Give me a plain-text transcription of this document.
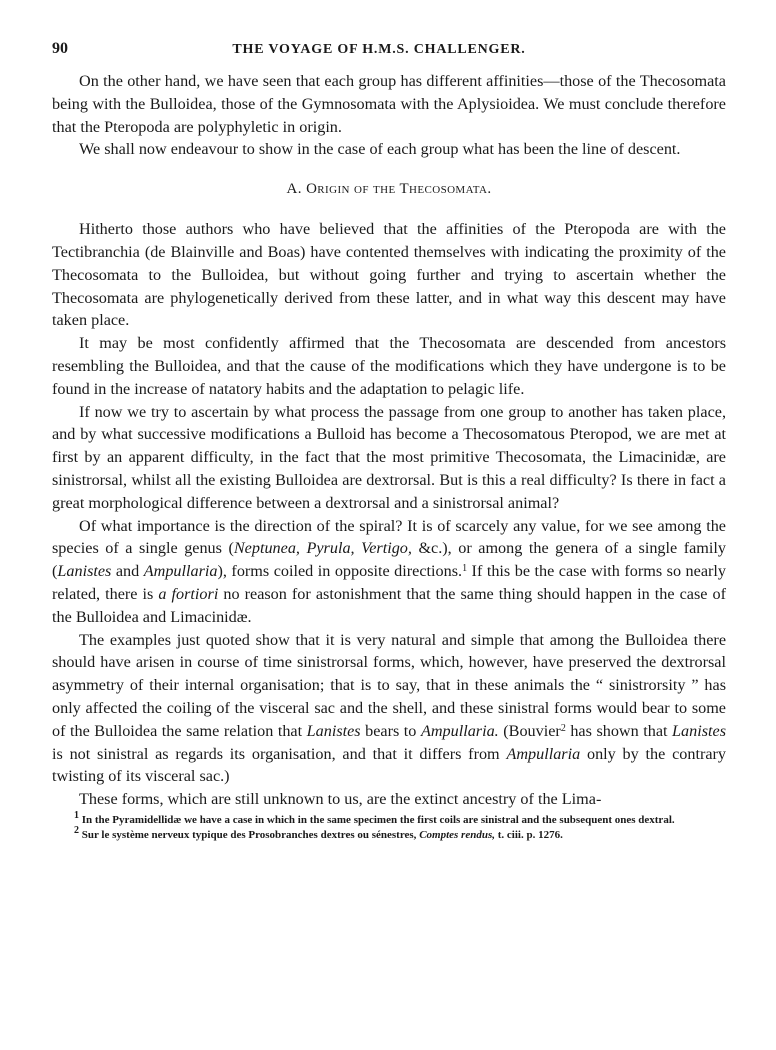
90	THE VOYAGE OF H.M.S. CHALLENGER.

On the other hand, we have seen that each group has different affinities—those of the Thecosomata being with the Bulloidea, those of the Gymnosomata with the Aplysioidea. We must conclude therefore that the Pteropoda are polyphyletic in origin.

We shall now endeavour to show in the case of each group what has been the line of descent.

A. Origin of the Thecosomata.

Hitherto those authors who have believed that the affinities of the Pteropoda are with the Tectibranchia (de Blainville and Boas) have contented themselves with indicating the proximity of the Thecosomata to the Bulloidea, but without going further and trying to ascertain whether the Thecosomata are phylogenetically derived from these latter, and in what way this descent may have taken place.

It may be most confidently affirmed that the Thecosomata are descended from ancestors resembling the Bulloidea, and that the cause of the modifications which they have undergone is to be found in the increase of natatory habits and the adaptation to pelagic life.

If now we try to ascertain by what process the passage from one group to another has taken place, and by what successive modifications a Bulloid has become a Thecosomatous Pteropod, we are met at first by an apparent difficulty, in the fact that the most primitive Thecosomata, the Limacinidæ, are sinistrorsal, whilst all the existing Bulloidea are dextrorsal. But is this a real difficulty? Is there in fact a great morphological difference between a dextrorsal and a sinistrorsal animal?

Of what importance is the direction of the spiral? It is of scarcely any value, for we see among the species of a single genus (Neptunea, Pyrula, Vertigo, &c.), or among the genera of a single family (Lanistes and Ampullaria), forms coiled in opposite directions.$^1$ If this be the case with forms so nearly related, there is a fortiori no reason for astonishment that the same thing should happen in the case of the Bulloidea and Limacinidæ.

The examples just quoted show that it is very natural and simple that among the Bulloidea there should have arisen in course of time sinistrorsal forms, which, however, have preserved the dextrorsal asymmetry of their internal organisation; that is to say, that in these animals the “ sinistrorsity ” has only affected the coiling of the visceral sac and the shell, and these sinistral forms would bear to some of the Bulloidea the same relation that Lanistes bears to Ampullaria. (Bouvier$^2$ has shown that Lanistes is not sinistral as regards its organisation, and that it differs from Ampullaria only by the contrary twisting of its visceral sac.)

These forms, which are still unknown to us, are the extinct ancestry of the Lima-

$^1$ In the Pyramidellidæ we have a case in which in the same specimen the first coils are sinistral and the subsequent ones dextral.

$^2$ Sur le système nerveux typique des Prosobranches dextres ou sénestres, Comptes rendus, t. ciii. p. 1276.
